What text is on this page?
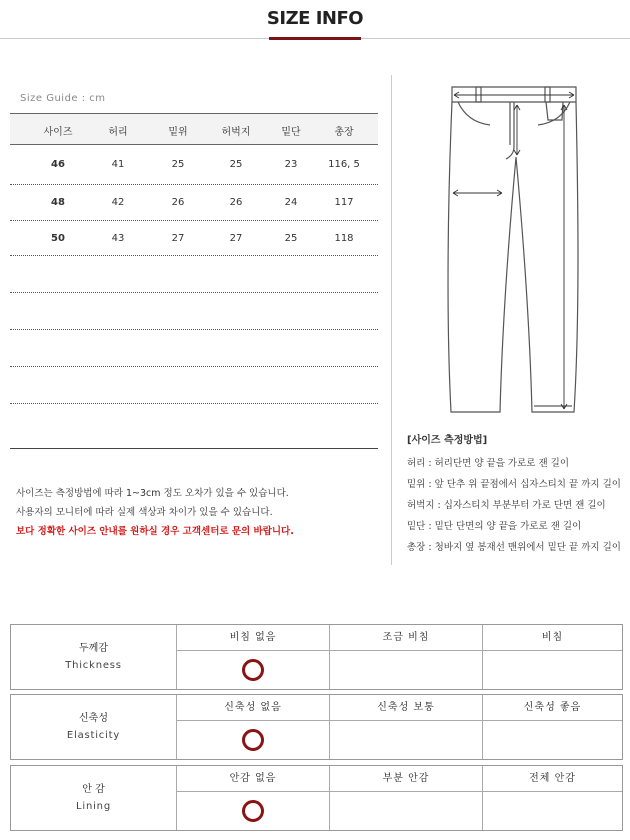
SIZE INFO
Size Guide : cm
사이즈	허리	밑위	허벅지	밑단	총장
46	41	25	25	23	116, 5
48	42	26	26	24	117
50	43	27	27	25	118
[사이즈 측정방법]
허리 : 허리단면 양 끝을 가로로 잰 길이
밑위 : 앞 단추 위 끝점에서 십자스티치 끝 까지 길이
허벅지 : 십자스티치 부분부터 가로 단면 잰 길이
밑단 : 밑단 단면의 양 끝을 가로로 잰 길이
총장 : 청바지 옆 봉재선 맨위에서 밑단 끝 까지 길이
사이즈는 측정방법에 따라 1~3cm 정도 오차가 있을 수 있습니다.
사용자의 모니터에 따라 실제 색상과 차이가 있을 수 있습니다.
보다 정확한 사이즈 안내를 원하실 경우 고객센터로 문의 바랍니다.
두께감
Thickness
비침 없음	조금 비침	비침
신축성
Elasticity
신축성 없음	신축성 보통	신축성 좋음
안 감
Lining
안감 없음	부분 안감	전체 안감
